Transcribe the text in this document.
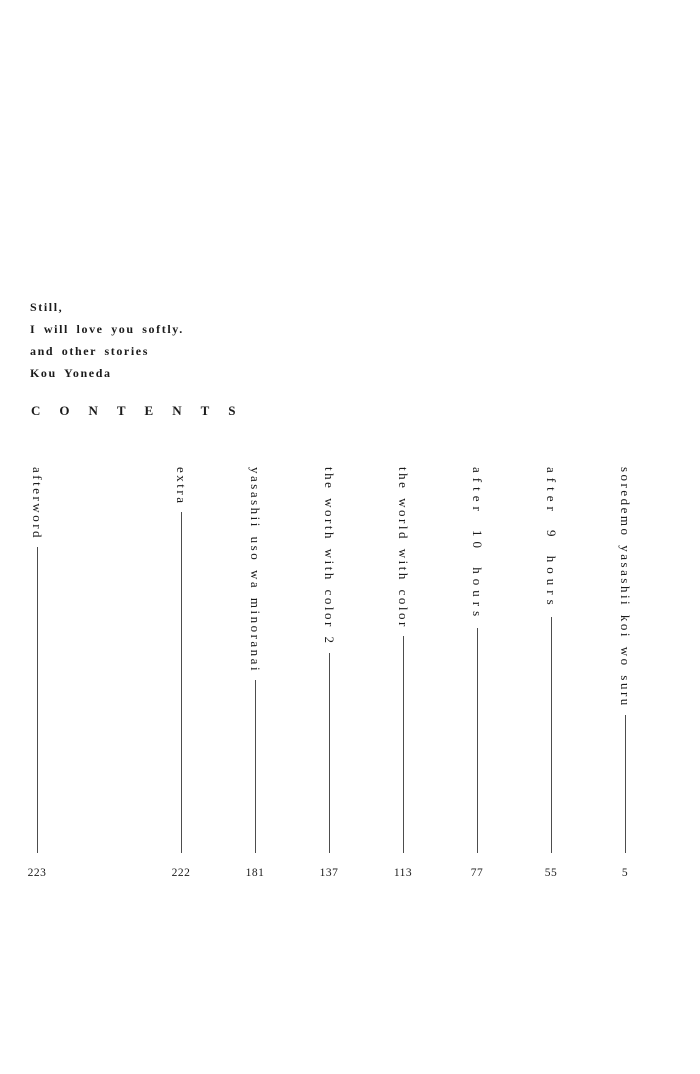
Still,
I will love you softly.
and other stories
Kou Yoneda
CONTENTS
soredemo yasashii koi wo suru
5
after 9 hours
55
after 10 hours
77
the world with color
113
the worth with color 2
137
yasashii uso wa minoranai
181
extra
222
afterword
223
